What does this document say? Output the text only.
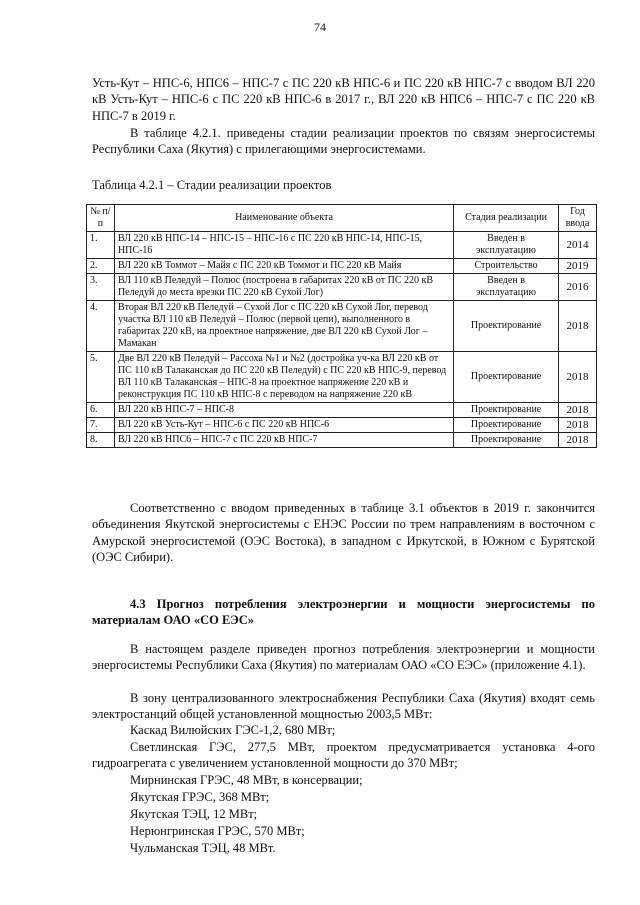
74
Усть-Кут – НПС-6, НПС6 – НПС-7 с ПС 220 кВ НПС-6 и ПС 220 кВ НПС-7 с вводом ВЛ 220 кВ Усть-Кут – НПС-6 с ПС 220 кВ НПС-6 в 2017 г., ВЛ 220 кВ НПС6 – НПС-7 с ПС 220 кВ НПС-7 в 2019 г.
В таблице 4.2.1. приведены стадии реализации проектов по связям энергосистемы Республики Саха (Якутия) с прилегающими энергосистемами.
Таблица 4.2.1 – Стадии реализации проектов
№ п/п	Наименование объекта	Стадия реализации	Год ввода
1.	ВЛ 220 кВ НПС-14 – НПС-15 – НПС-16 с ПС 220 кВ НПС-14, НПС-15, НПС-16	Введен в эксплуатацию	2014
2.	ВЛ 220 кВ Томмот – Майя с ПС 220 кВ Томмот и ПС 220 кВ Майя	Строительство	2019
3.	ВЛ 110 кВ Пеледуй – Полюс (построена в габаритах 220 кВ от ПС 220 кВ Пеледуй до места врезки ПС 220 кВ Сухой Лог)	Введен в эксплуатацию	2016
4.	Вторая ВЛ 220 кВ Пеледуй – Сухой Лог с ПС 220 кВ Сухой Лог, перевод участка ВЛ 110 кВ Пеледуй – Полюс (первой цепи), выполненного в габаритах 220 кВ, на проектное напряжение, две ВЛ 220 кВ Сухой Лог – Мамакан	Проектирование	2018
5.	Две ВЛ 220 кВ Пеледуй – Рассоха №1 и №2 (достройка уч-ка ВЛ 220 кВ от ПС 110 кВ Талаканская до ПС 220 кВ Пеледуй) с ПС 220 кВ НПС-9, перевод ВЛ 110 кВ Талаканская – НПС-8 на проектное напряжение 220 кВ и реконструкция ПС 110 кВ НПС-8 с переводом на напряжение 220 кВ	Проектирование	2018
6.	ВЛ 220 кВ НПС-7 – НПС-8	Проектирование	2018
7.	ВЛ 220 кВ Усть-Кут – НПС-6 с ПС 220 кВ НПС-6	Проектирование	2018
8.	ВЛ 220 кВ НПС6 – НПС-7 с ПС 220 кВ НПС-7	Проектирование	2018
Соответственно с вводом приведенных в таблице 3.1 объектов в 2019 г. закончится объединения Якутской энергосистемы с ЕНЭС России по трем направлениям в восточном с Амурской энергосистемой (ОЭС Востока), в западном с Иркутской, в Южном с Бурятской (ОЭС Сибири).
4.3 Прогноз потребления электроэнергии и мощности энергосистемы по материалам ОАО «СО ЕЭС»
В настоящем разделе приведен прогноз потребления электроэнергии и мощности энергосистемы Республики Саха (Якутия) по материалам ОАО «СО ЕЭС» (приложение 4.1).
В зону централизованного электроснабжения Республики Саха (Якутия) входят семь электростанций общей установленной мощностью 2003,5 МВт:
Каскад Вилюйских ГЭС-1,2, 680 МВт;
Светлинская ГЭС, 277,5 МВт, проектом предусматривается установка 4-ого гидроагрегата с увеличением установленной мощности до 370 МВт;
Мирнинская ГРЭС, 48 МВт, в консервации;
Якутская ГРЭС, 368 МВт;
Якутская ТЭЦ, 12 МВт;
Нерюнгринская ГРЭС, 570 МВт;
Чульманская ТЭЦ, 48 МВт.
